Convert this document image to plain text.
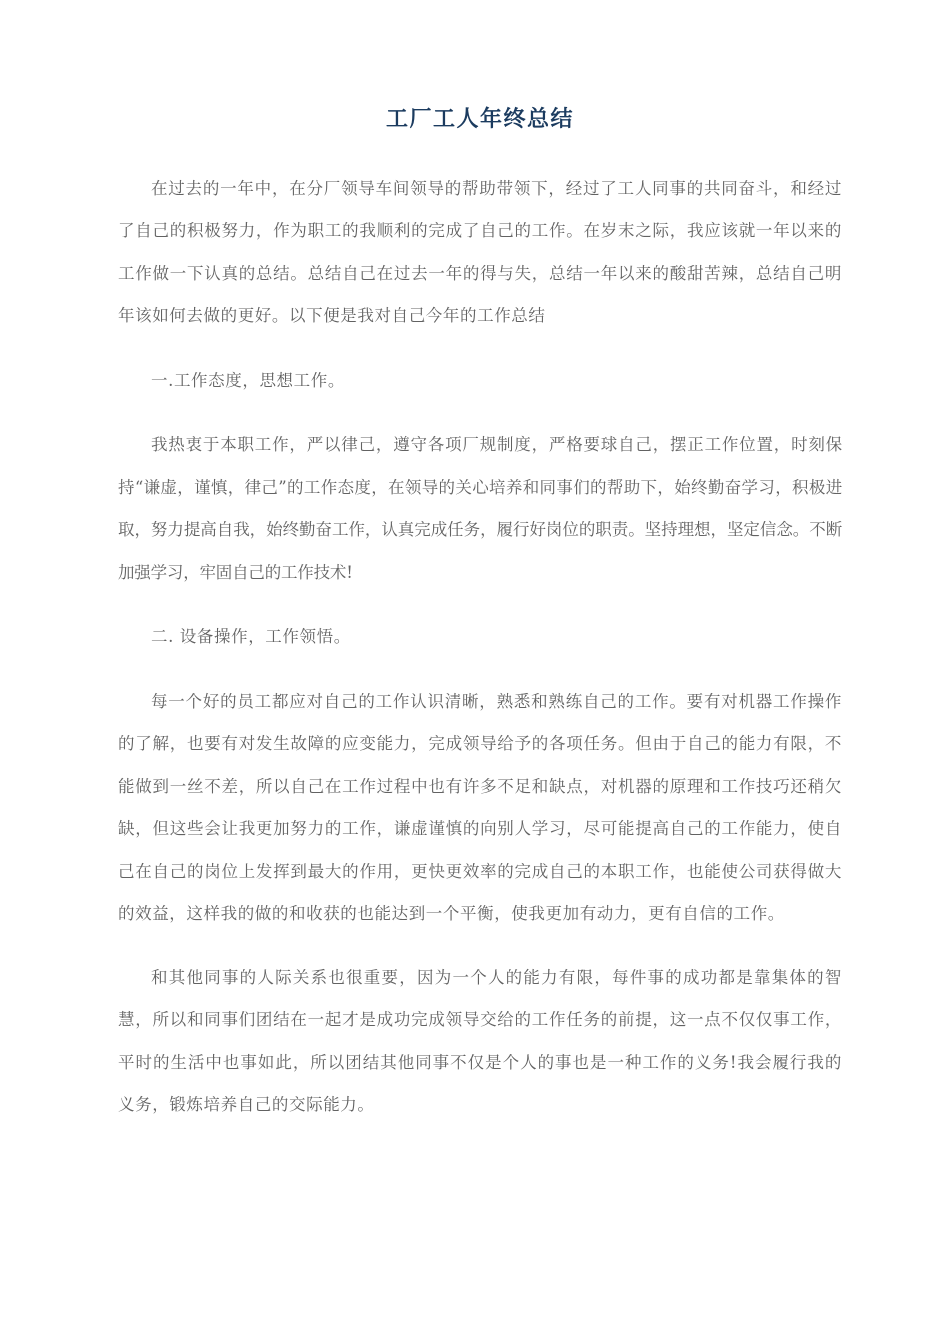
工厂工人年终总结

在过去的一年中，在分厂领导车间领导的帮助带领下，经过了工人同事的共同奋斗，和经过了自己的积极努力，作为职工的我顺利的完成了自己的工作。在岁末之际，我应该就一年以来的工作做一下认真的总结。总结自己在过去一年的得与失，总结一年以来的酸甜苦辣，总结自己明年该如何去做的更好。以下便是我对自己今年的工作总结

一.工作态度，思想工作。

我热衷于本职工作，严以律己，遵守各项厂规制度，严格要球自己，摆正工作位置，时刻保持“谦虚，谨慎，律己”的工作态度，在领导的关心培养和同事们的帮助下，始终勤奋学习，积极进取，努力提高自我，始终勤奋工作，认真完成任务，履行好岗位的职责。坚持理想，坚定信念。不断加强学习，牢固自己的工作技术!

二. 设备操作，工作领悟。

每一个好的员工都应对自己的工作认识清晰，熟悉和熟练自己的工作。要有对机器工作操作的了解，也要有对发生故障的应变能力，完成领导给予的各项任务。但由于自己的能力有限，不能做到一丝不差，所以自己在工作过程中也有许多不足和缺点，对机器的原理和工作技巧还稍欠缺，但这些会让我更加努力的工作，谦虚谨慎的向别人学习，尽可能提高自己的工作能力，使自己在自己的岗位上发挥到最大的作用，更快更效率的完成自己的本职工作，也能使公司获得做大的效益，这样我的做的和收获的也能达到一个平衡，使我更加有动力，更有自信的工作。

和其他同事的人际关系也很重要，因为一个人的能力有限，每件事的成功都是靠集体的智慧，所以和同事们团结在一起才是成功完成领导交给的工作任务的前提，这一点不仅仅事工作，平时的生活中也事如此，所以团结其他同事不仅是个人的事也是一种工作的义务!我会履行我的义务，锻炼培养自己的交际能力。
